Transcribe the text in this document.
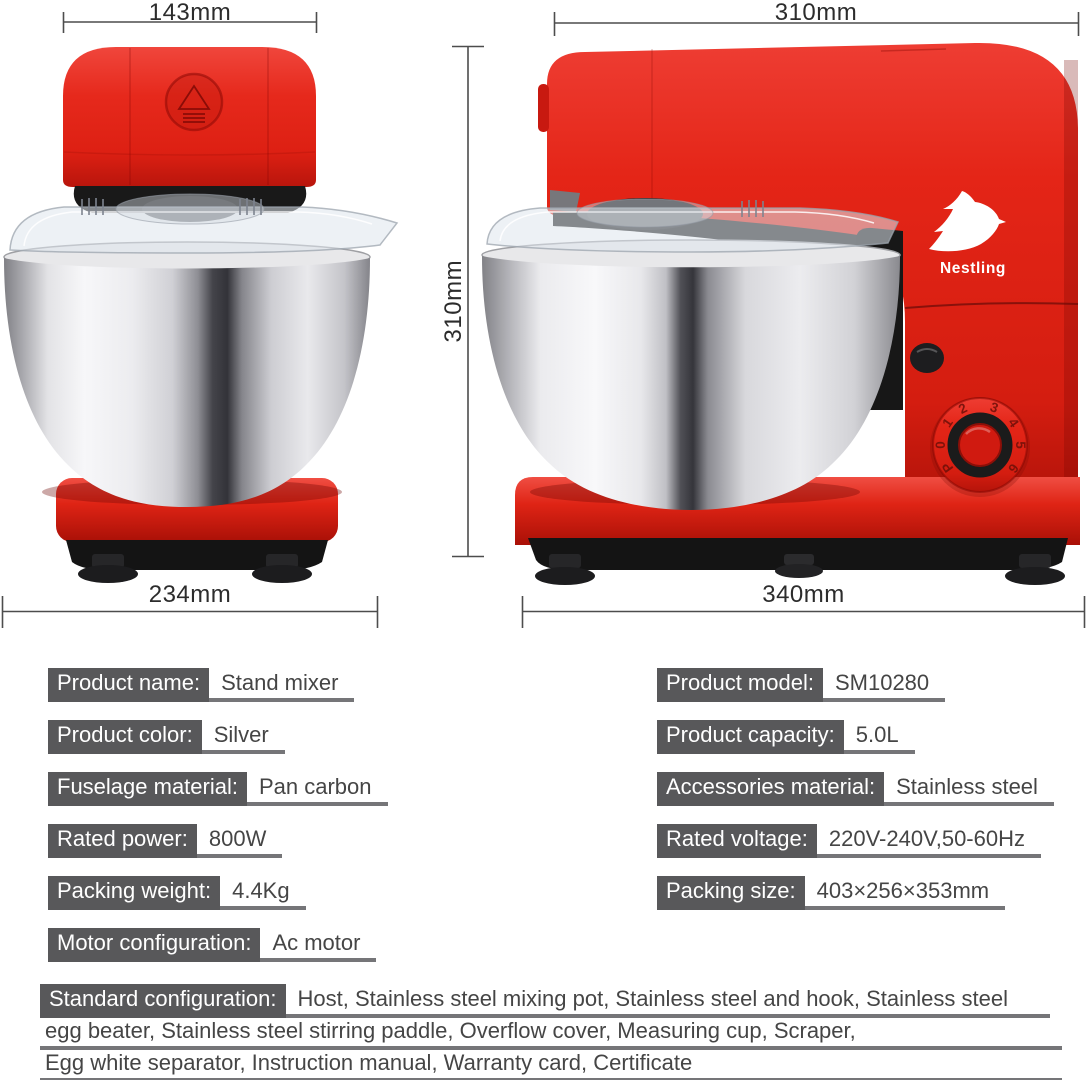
143mm
234mm
310mm
310mm
340mm
Nestling
P
0
1
2	3
4
5
6
Product name: Stand mixer
Product color: Silver
Fuselage material: Pan carbon
Rated power: 800W
Packing weight: 4.4Kg
Motor configuration: Ac motor
Product model: SM10280
Product capacity: 5.0L
Accessories material: Stainless steel
Rated voltage: 220V-240V,50-60Hz
Packing size: 403×256×353mm
Standard configuration: Host, Stainless steel mixing pot, Stainless steel and hook, Stainless steel
egg beater, Stainless steel stirring paddle, Overflow cover, Measuring cup, Scraper,
Egg white separator, Instruction manual, Warranty card, Certificate
